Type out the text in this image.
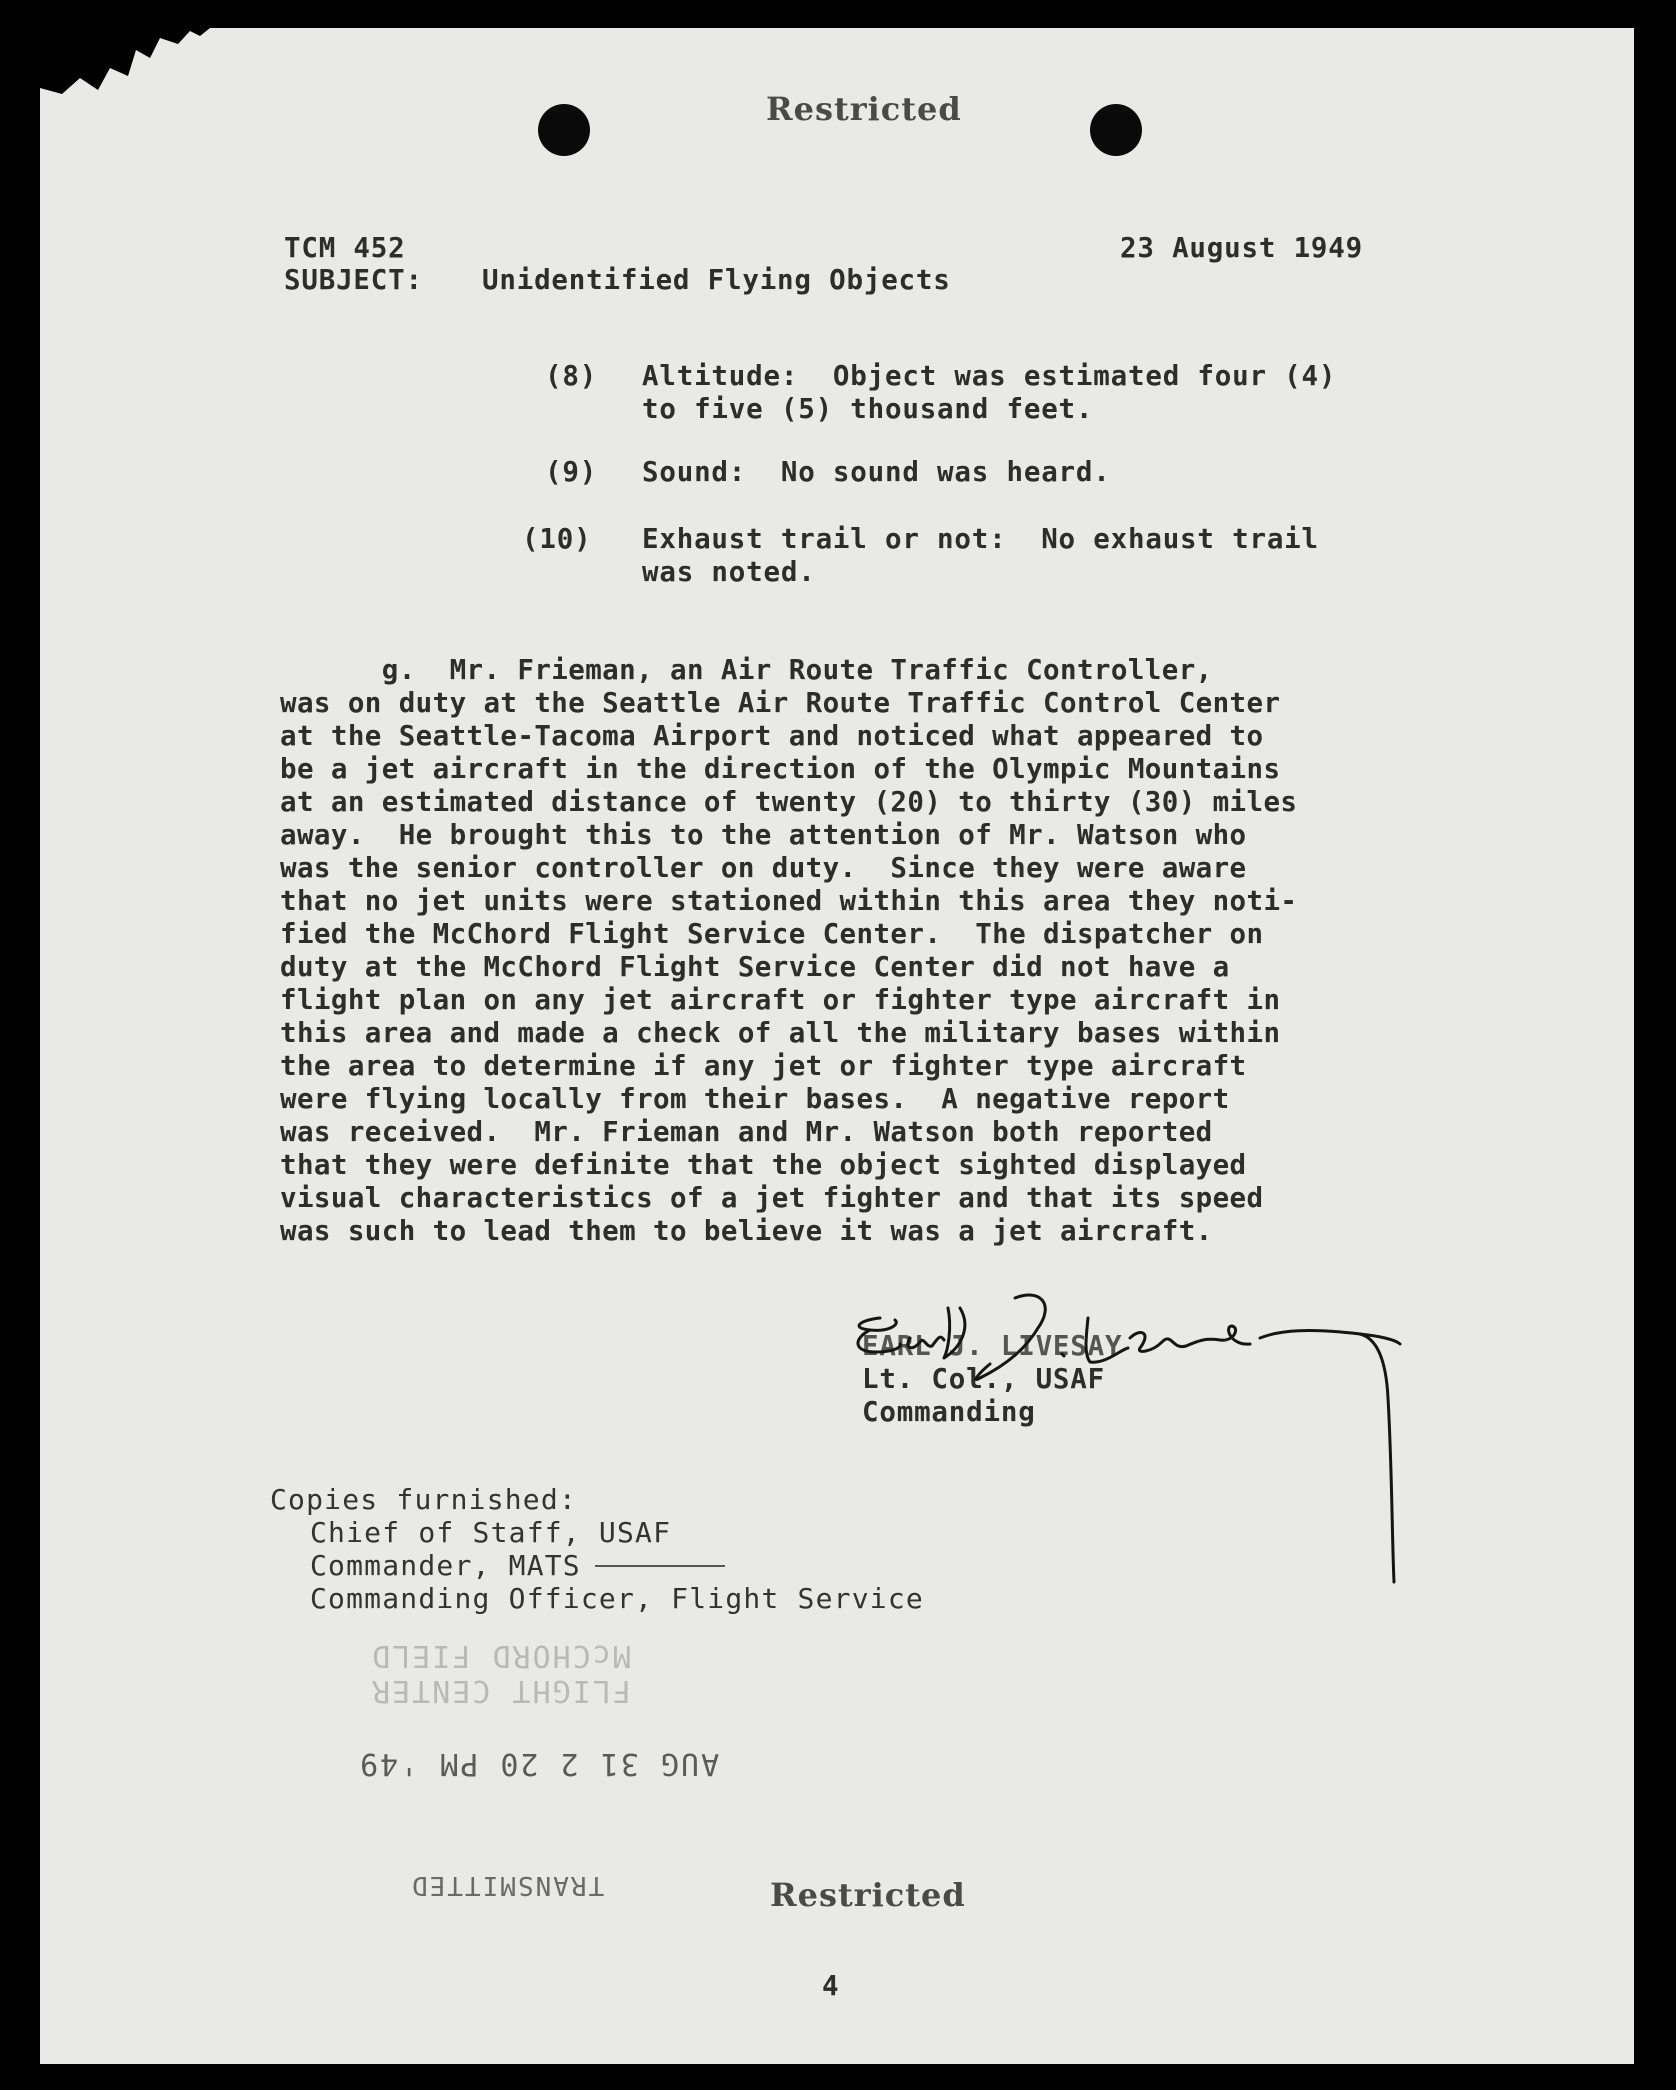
Restricted
TCM 452	23 August 1949
SUBJECT: Unidentified Flying Objects
(8) Altitude:  Object was estimated four (4)
to five (5) thousand feet.
(9) Sound:  No sound was heard.
(10) Exhaust trail or not:  No exhaust trail
was noted.
g.  Mr. Frieman, an Air Route Traffic Controller,
was on duty at the Seattle Air Route Traffic Control Center
at the Seattle-Tacoma Airport and noticed what appeared to
be a jet aircraft in the direction of the Olympic Mountains
at an estimated distance of twenty (20) to thirty (30) miles
away.  He brought this to the attention of Mr. Watson who
was the senior controller on duty.  Since they were aware
that no jet units were stationed within this area they noti-
fied the McChord Flight Service Center.  The dispatcher on
duty at the McChord Flight Service Center did not have a
flight plan on any jet aircraft or fighter type aircraft in
this area and made a check of all the military bases within
the area to determine if any jet or fighter type aircraft
were flying locally from their bases.  A negative report
was received.  Mr. Frieman and Mr. Watson both reported
that they were definite that the object sighted displayed
visual characteristics of a jet fighter and that its speed
was such to lead them to believe it was a jet aircraft.
EARL J. LIVESAY
Lt. Col., USAF
Commanding
Copies furnished:
Chief of Staff, USAF
Commander, MATS
Commanding Officer, Flight Service
McCHORD FIELD
FLIGHT CENTER
AUG 31 2 20 PM '49
TRANSMITTED	Restricted
4
